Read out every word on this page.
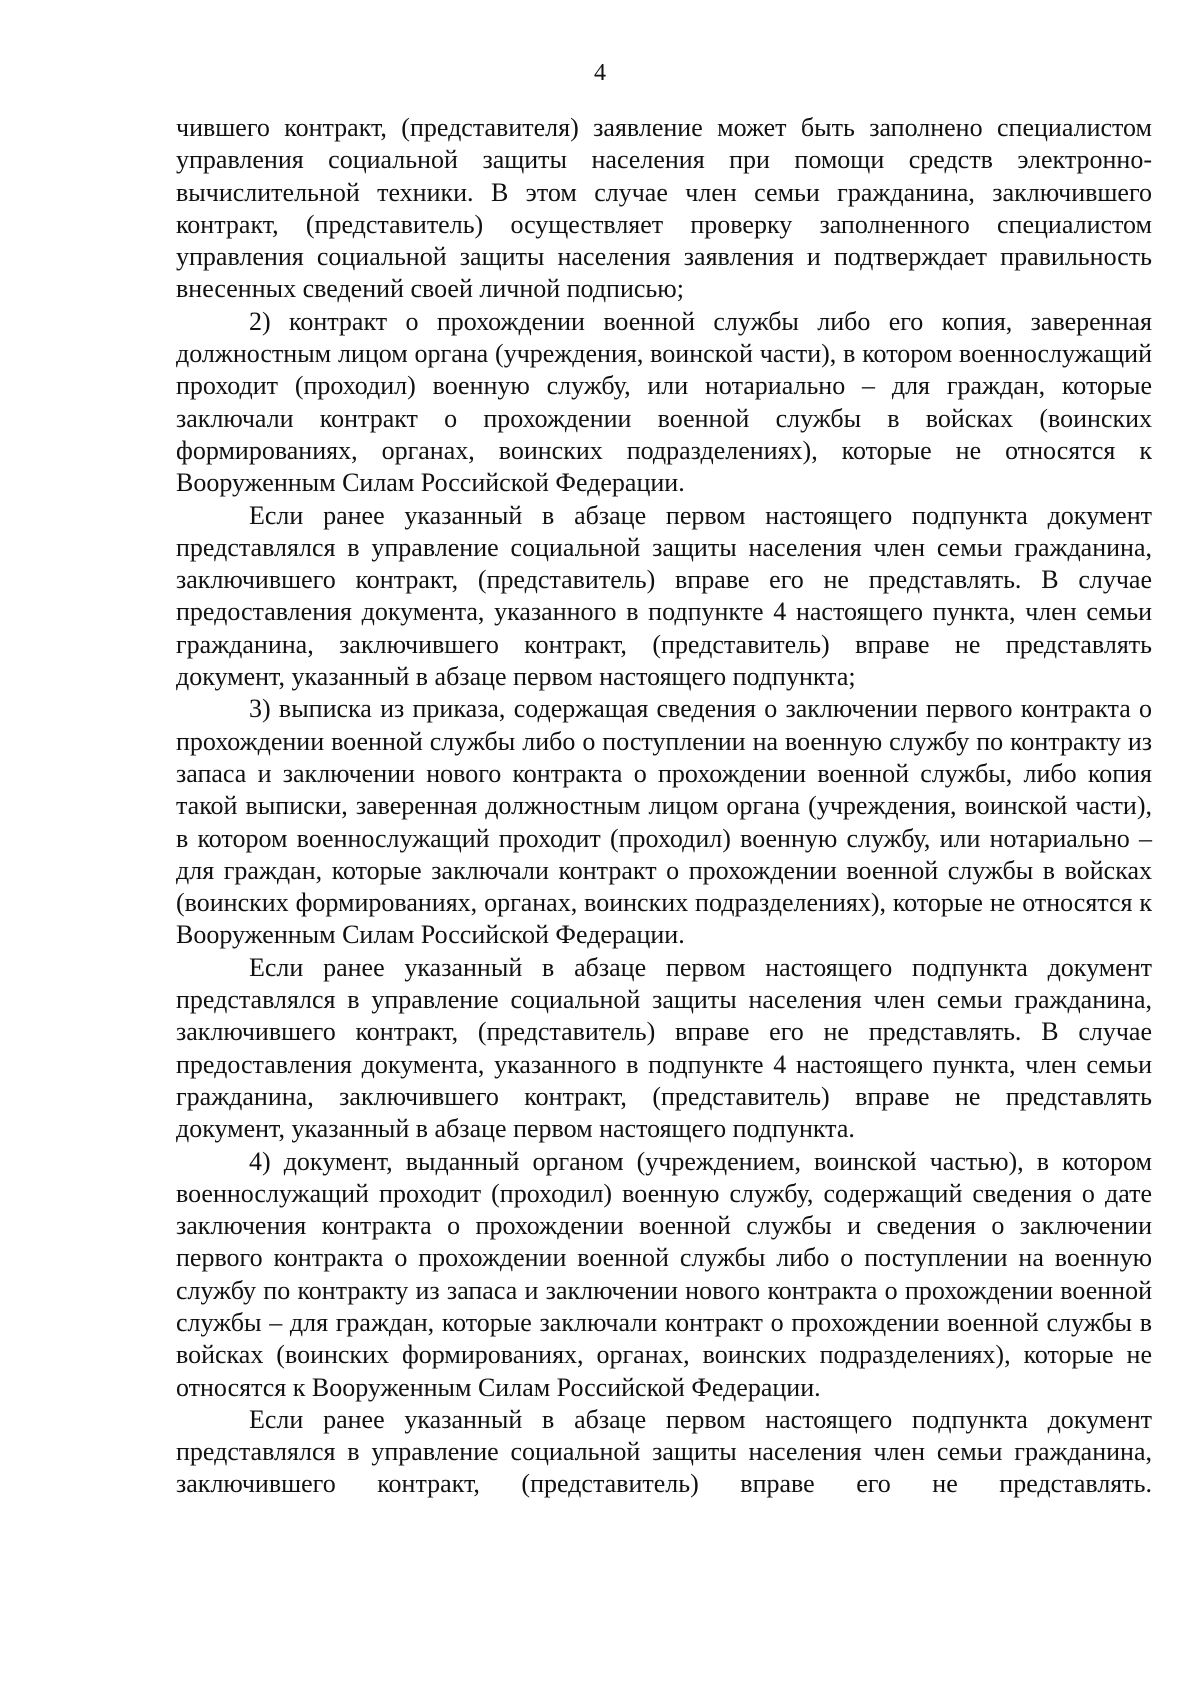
4

чившего контракт, (представителя) заявление может быть заполнено специалистом управления социальной защиты населения при помощи средств электронно-вычислительной техники. В этом случае член семьи гражданина, заключившего контракт, (представитель) осуществляет проверку заполненного специалистом управления социальной защиты населения заявления и подтверждает правильность внесенных сведений своей личной подписью;

2) контракт о прохождении военной службы либо его копия, заверенная должностным лицом органа (учреждения, воинской части), в котором военнослужащий проходит (проходил) военную службу, или нотариально – для граждан, которые заключали контракт о прохождении военной службы в войсках (воинских формированиях, органах, воинских подразделениях), которые не относятся к Вооруженным Силам Российской Федерации.

Если ранее указанный в абзаце первом настоящего подпункта документ представлялся в управление социальной защиты населения член семьи гражданина, заключившего контракт, (представитель) вправе его не представлять. В случае предоставления документа, указанного в подпункте 4 настоящего пункта, член семьи гражданина, заключившего контракт, (представитель) вправе не представлять документ, указанный в абзаце первом настоящего подпункта;

3) выписка из приказа, содержащая сведения о заключении первого контракта о прохождении военной службы либо о поступлении на военную службу по контракту из запаса и заключении нового контракта о прохождении военной службы, либо копия такой выписки, заверенная должностным лицом органа (учреждения, воинской части), в котором военнослужащий проходит (проходил) военную службу, или нотариально – для граждан, которые заключали контракт о прохождении военной службы в войсках (воинских формированиях, органах, воинских подразделениях), которые не относятся к Вооруженным Силам Российской Федерации.

Если ранее указанный в абзаце первом настоящего подпункта документ представлялся в управление социальной защиты населения член семьи гражданина, заключившего контракт, (представитель) вправе его не представлять. В случае предоставления документа, указанного в подпункте 4 настоящего пункта, член семьи гражданина, заключившего контракт, (представитель) вправе не представлять документ, указанный в абзаце первом настоящего подпункта.

4) документ, выданный органом (учреждением, воинской частью), в котором военнослужащий проходит (проходил) военную службу, содержащий сведения о дате заключения контракта о прохождении военной службы и сведения о заключении первого контракта о прохождении военной службы либо о поступлении на военную службу по контракту из запаса и заключении нового контракта о прохождении военной службы – для граждан, которые заключали контракт о прохождении военной службы в войсках (воинских формированиях, органах, воинских подразделениях), которые не относятся к Вооруженным Силам Российской Федерации.

Если ранее указанный в абзаце первом настоящего подпункта документ представлялся в управление социальной защиты населения член семьи гражданина, заключившего контракт, (представитель) вправе его не представлять.
